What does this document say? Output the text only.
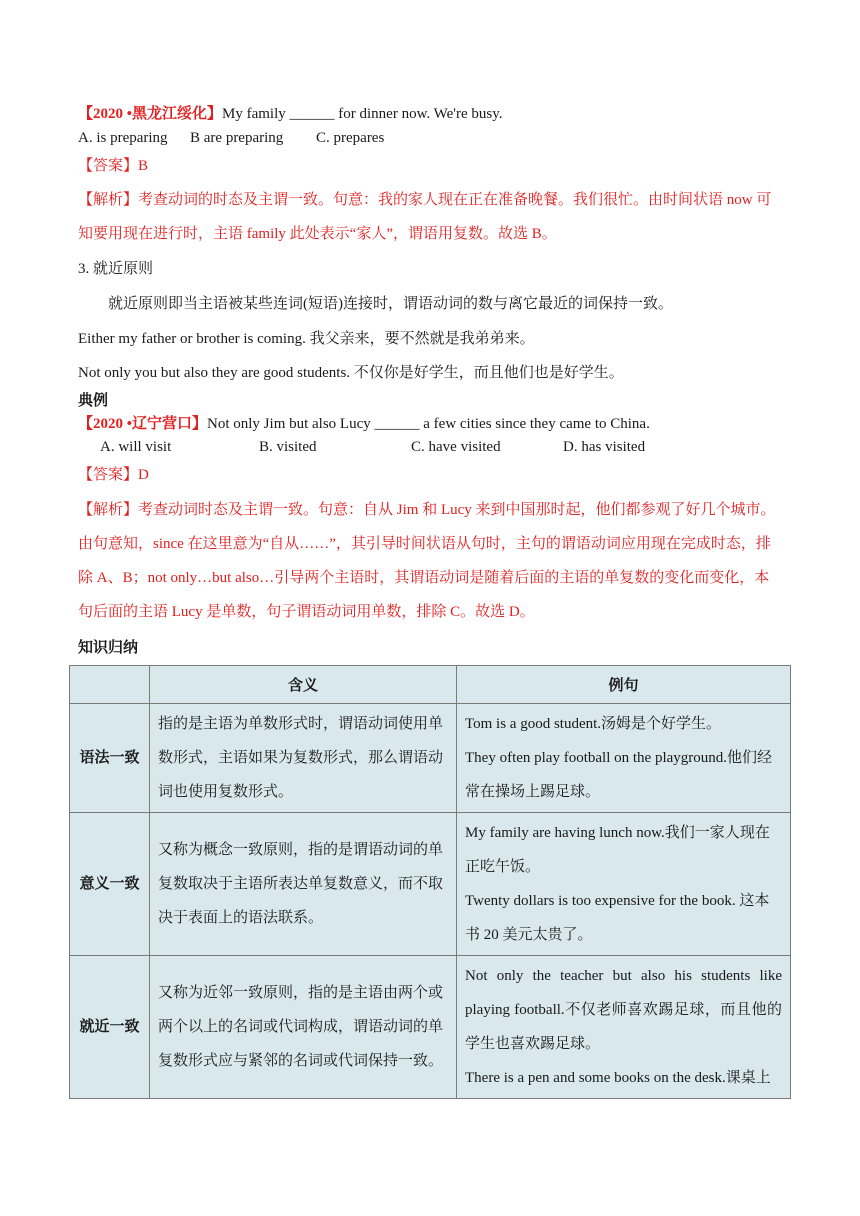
【2020 •黑龙江绥化】My family ______ for dinner now. We're busy.
A. is preparing B are preparing C. prepares
【答案】B
【解析】考查动词的时态及主谓一致。句意：我的家人现在正在准备晚餐。我们很忙。由时间状语 now 可知要用现在进行时，主语 family 此处表示“家人”，谓语用复数。故选 B。
3. 就近原则
就近原则即当主语被某些连词(短语)连接时，谓语动词的数与离它最近的词保持一致。
Either my father or brother is coming. 我父亲来，要不然就是我弟弟来。
Not only you but also they are good students. 不仅你是好学生，而且他们也是好学生。
典例
【2020 •辽宁营口】Not only Jim but also Lucy ______ a few cities since they came to China.
A. will visit	B. visited	C. have visited	D. has visited
【答案】D
【解析】考查动词时态及主谓一致。句意：自从 Jim 和 Lucy 来到中国那时起，他们都参观了好几个城市。由句意知，since 在这里意为“自从……”，其引导时间状语从句时，主句的谓语动词应用现在完成时态，排除 A、B；not only…but also…引导两个主语时，其谓语动词是随着后面的主语的单复数的变化而变化，本句后面的主语 Lucy 是单数，句子谓语动词用单数，排除 C。故选 D。
知识归纳
	含义	例句
语法一致	指的是主语为单数形式时，谓语动词使用单数形式，主语如果为复数形式，那么谓语动词也使用复数形式。	Tom is a good student.汤姆是个好学生。
They often play football on the playground.他们经常在操场上踢足球。

意义一致	又称为概念一致原则，指的是谓语动词的单复数取决于主语所表达单复数意义，而不取决于表面上的语法联系。	My family are having lunch now.我们一家人现在正吃午饭。
Twenty dollars is too expensive for the book. 这本书 20 美元太贵了。

就近一致	又称为近邻一致原则，指的是主语由两个或两个以上的名词或代词构成，谓语动词的单复数形式应与紧邻的名词或代词保持一致。	Not only the teacher but also his students like playing football.不仅老师喜欢踢足球，而且他的学生也喜欢踢足球。
There is a pen and some books on the desk.课桌上
